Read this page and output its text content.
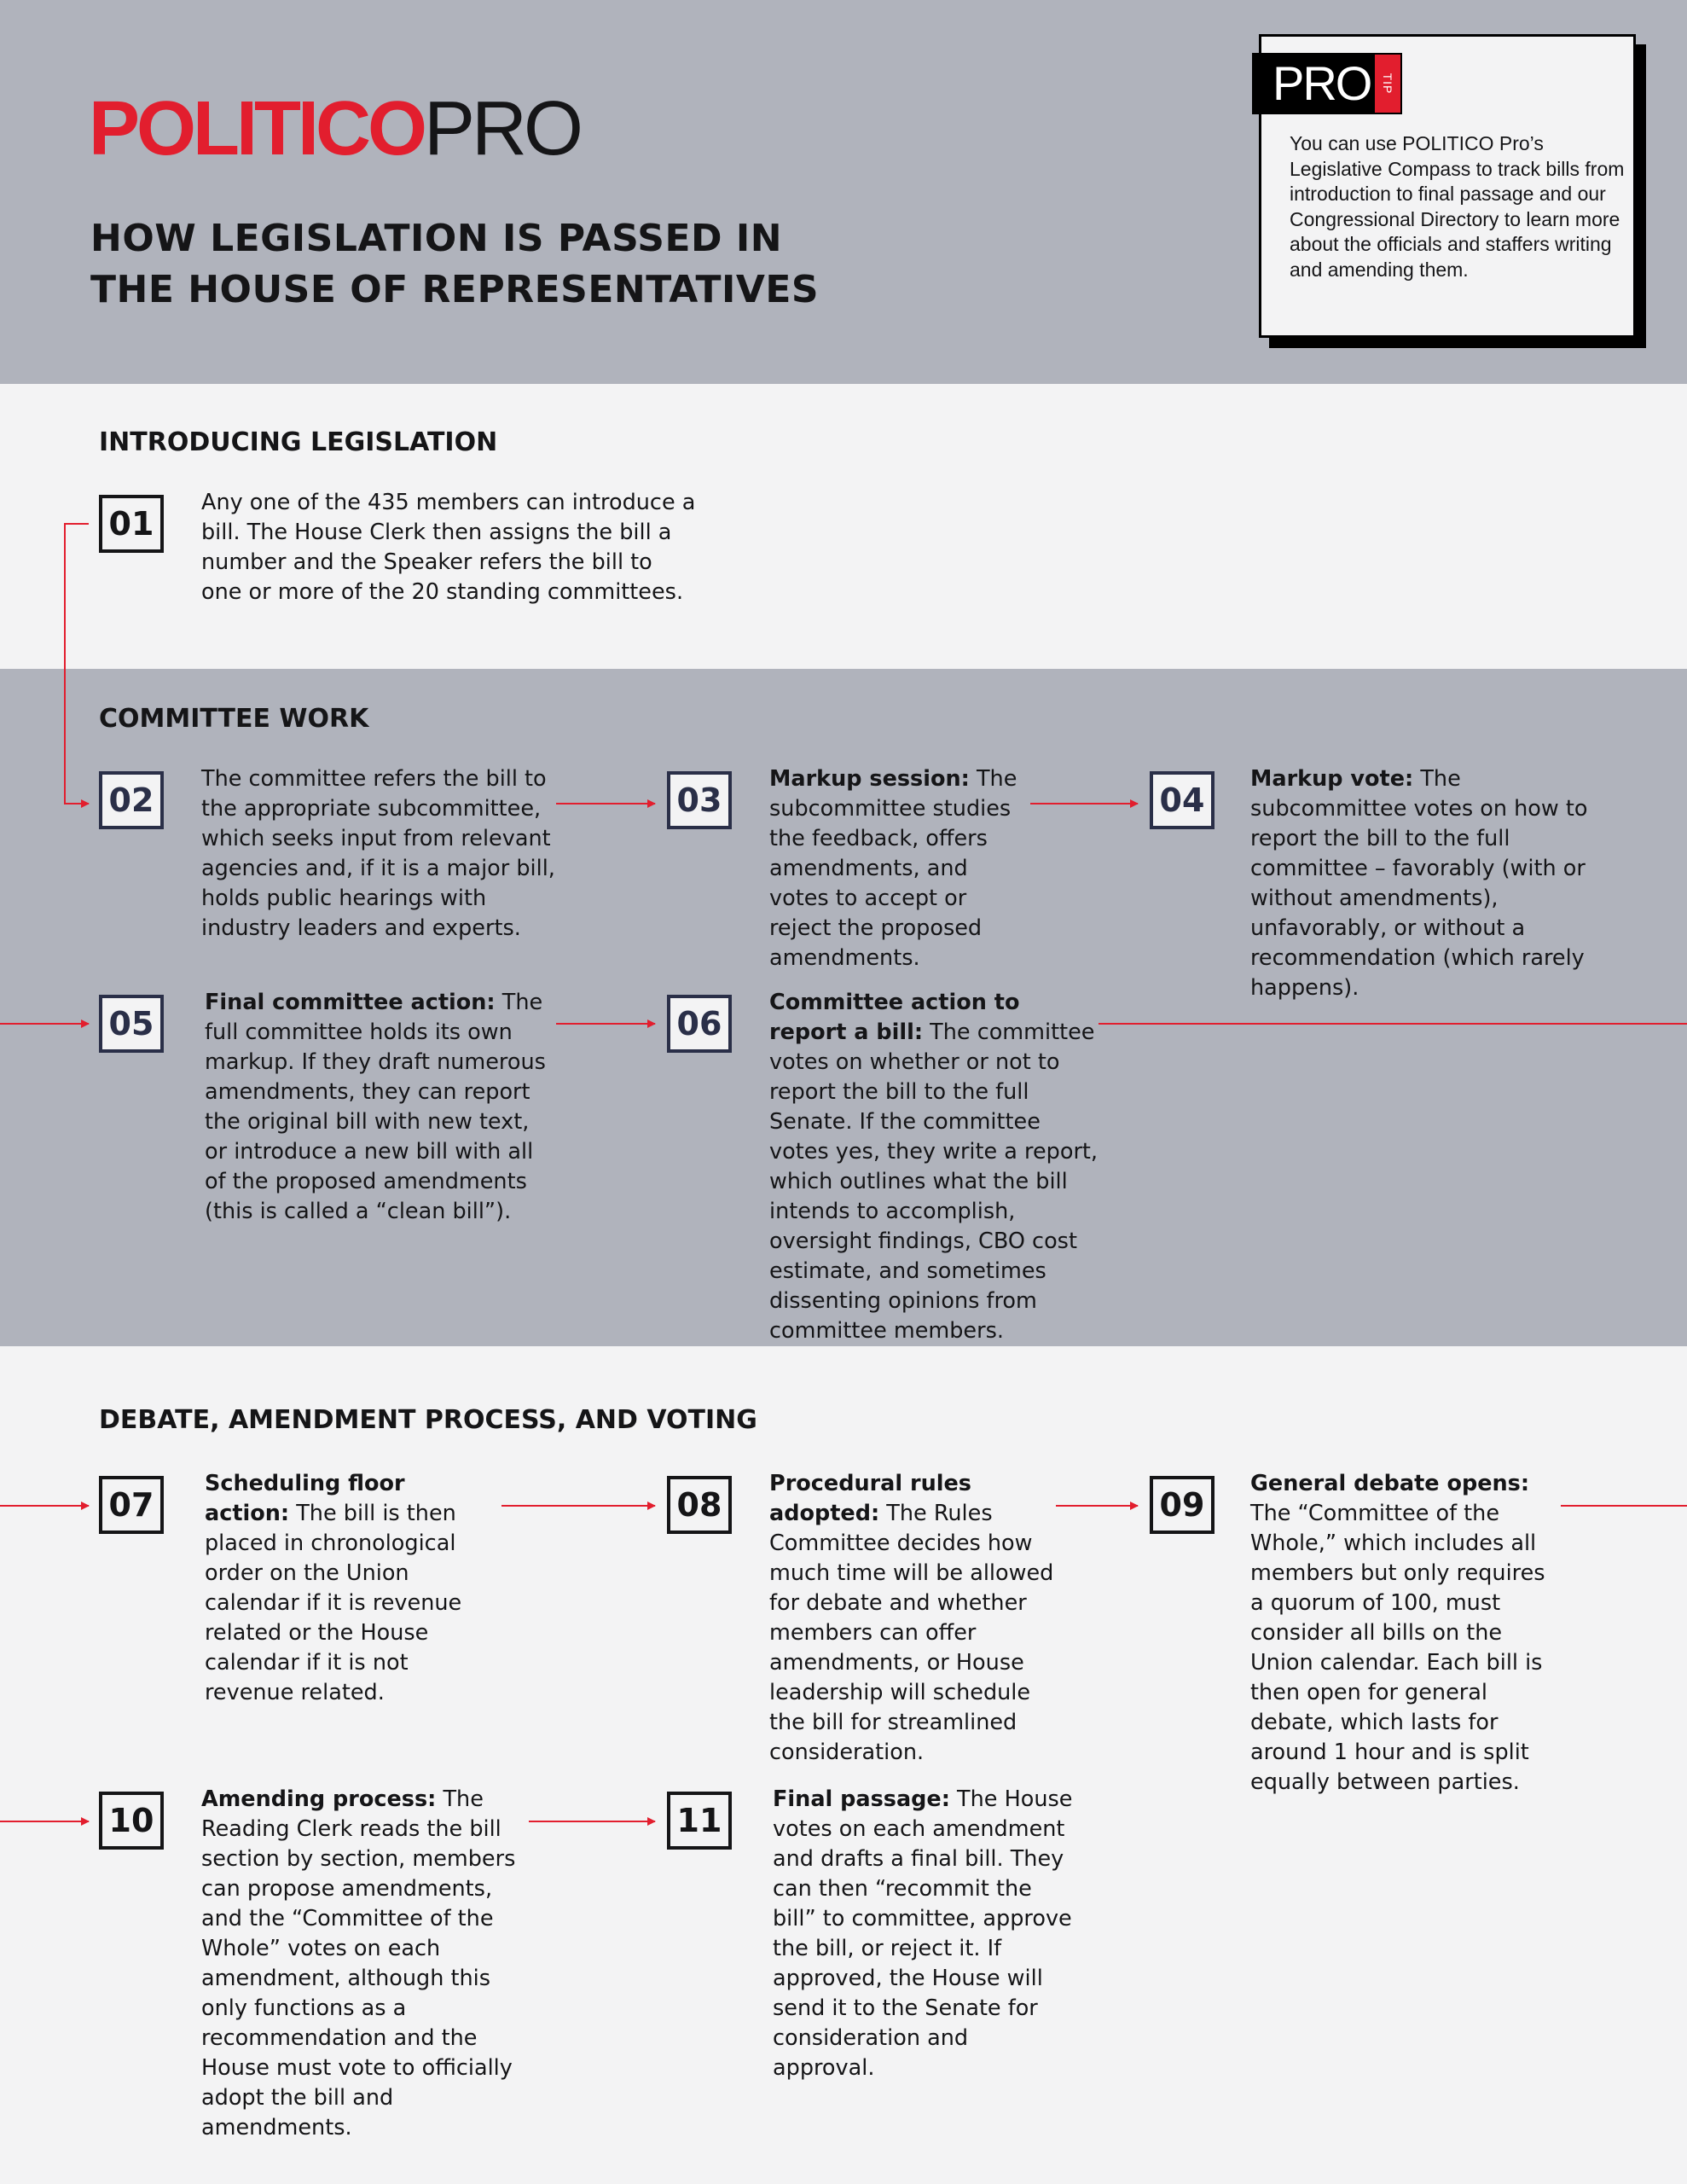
POLITICOPRO
HOW LEGISLATION IS PASSED IN
THE HOUSE OF REPRESENTATIVES
PRO TIP
You can use POLITICO Pro’s Legislative Compass to track bills from introduction to final passage and our Congressional Directory to learn more about the officials and staffers writing and amending them.
INTRODUCING LEGISLATION
COMMITTEE WORK
DEBATE, AMENDMENT PROCESS, AND VOTING
01
Any one of the 435 members can introduce a bill. The House Clerk then assigns the bill a number and the Speaker refers the bill to one or more of the 20 standing committees.
02
The committee refers the bill to the appropriate subcommittee, which seeks input from relevant agencies and, if it is a major bill, holds public hearings with industry leaders and experts.
03
Markup session: The subcommittee studies the feedback, offers amendments, and votes to accept or reject the proposed amendments.
04
Markup vote: The subcommittee votes on how to report the bill to the full committee – favorably (with or without amendments), unfavorably, or without a recommendation (which rarely happens).
05
Final committee action: The full committee holds its own markup. If they draft numerous amendments, they can report the original bill with new text, or introduce a new bill with all of the proposed amendments (this is called a “clean bill”).
06
Committee action to report a bill: The committee votes on whether or not to report the bill to the full Senate. If the committee votes yes, they write a report, which outlines what the bill intends to accomplish, oversight findings, CBO cost estimate, and sometimes dissenting opinions from committee members.
07
Scheduling floor action: The bill is then placed in chronological order on the Union calendar if it is revenue related or the House calendar if it is not revenue related.
08
Procedural rules adopted: The Rules Committee decides how much time will be allowed for debate and whether members can offer amendments, or House leadership will schedule the bill for streamlined consideration.
09
General debate opens: The “Committee of the Whole,” which includes all members but only requires a quorum of 100, must consider all bills on the Union calendar. Each bill is then open for general debate, which lasts for around 1 hour and is split equally between parties.
10
Amending process: The Reading Clerk reads the bill section by section, members can propose amendments, and the “Committee of the Whole” votes on each amendment, although this only functions as a recommendation and the House must vote to officially adopt the bill and amendments.
11
Final passage: The House votes on each amendment and drafts a final bill. They can then “recommit the bill” to committee, approve the bill, or reject it. If approved, the House will send it to the Senate for consideration and approval.
